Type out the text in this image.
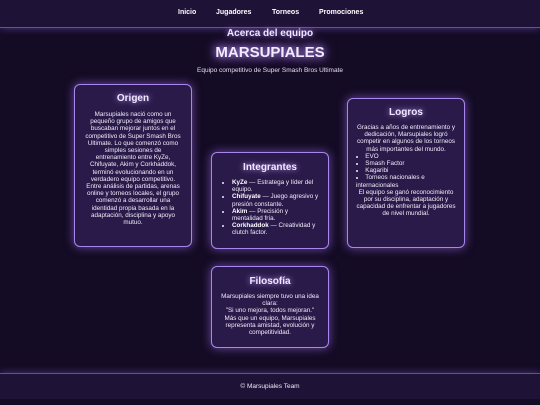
Inicio	Jugadores	Torneos	Promociones
Acerca del equipo
MARSUPIALES
Equipo competitivo de Super Smash Bros Ultimate
Origen

Marsupiales nació como un pequeño grupo de amigos que buscaban mejorar juntos en el competitivo de Super Smash Bros Ultimate. Lo que comenzó como simples sesiones de entrenamiento entre KyZe, Chifuyate, Akim y Corkhaddok, terminó evolucionando en un verdadero equipo competitivo. Entre análisis de partidas, arenas online y torneos locales, el grupo comenzó a desarrollar una identidad propia basada en la adaptación, disciplina y apoyo mutuo.

Integrantes
• KyZe — Estratega y líder del equipo.
• Chifuyate — Juego agresivo y presión constante.
• Akim — Precisión y mentalidad fría.
• Corkhaddok — Creatividad y clutch factor.
Logros

Gracias a años de entrenamiento y dedicación, Marsupiales logró competir en algunos de los torneos más importantes del mundo.

• EVO
• Smash Factor
• Kagaribi
• Torneos nacionales e internacionales

El equipo se ganó reconocimiento por su disciplina, adaptación y capacidad de enfrentar a jugadores de nivel mundial.

Filosofía

Marsupiales siempre tuvo una idea clara:

"Si uno mejora, todos mejoran."

Más que un equipo, Marsupiales representa amistad, evolución y competitividad.

© Marsupiales Team
